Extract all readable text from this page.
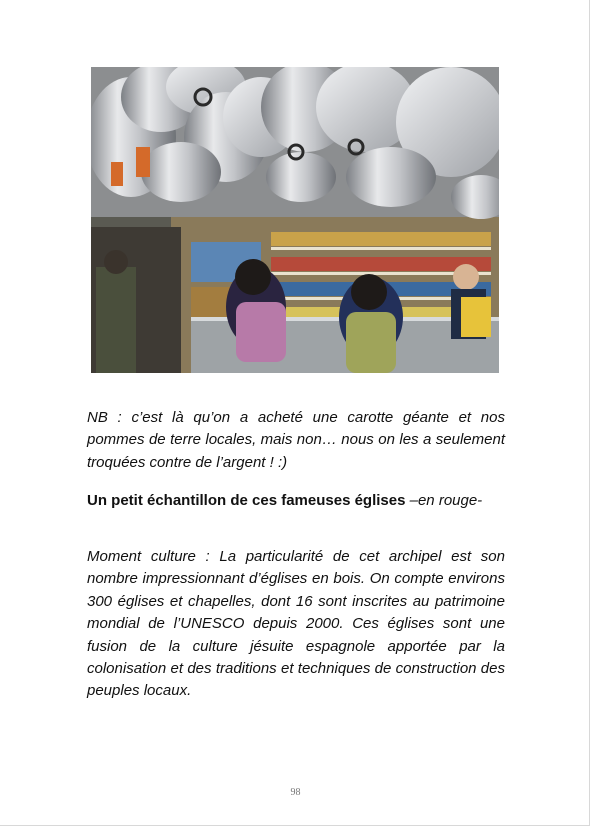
NB : c’est là qu’on a acheté une carotte géante et nos pommes de terre locales, mais non… nous on les a seulement troquées contre de l’argent ! :)
Un petit échantillon de ces fameuses églises –en rouge-
Moment culture : La particularité de cet archipel est son nombre impressionnant d’églises en bois. On compte environs 300 églises et chapelles, dont 16 sont inscrites au patrimoine mondial de l’UNESCO depuis 2000. Ces églises sont une fusion de la culture jésuite espagnole apportée par la colonisation et des traditions et techniques de construction des peuples locaux.
98
